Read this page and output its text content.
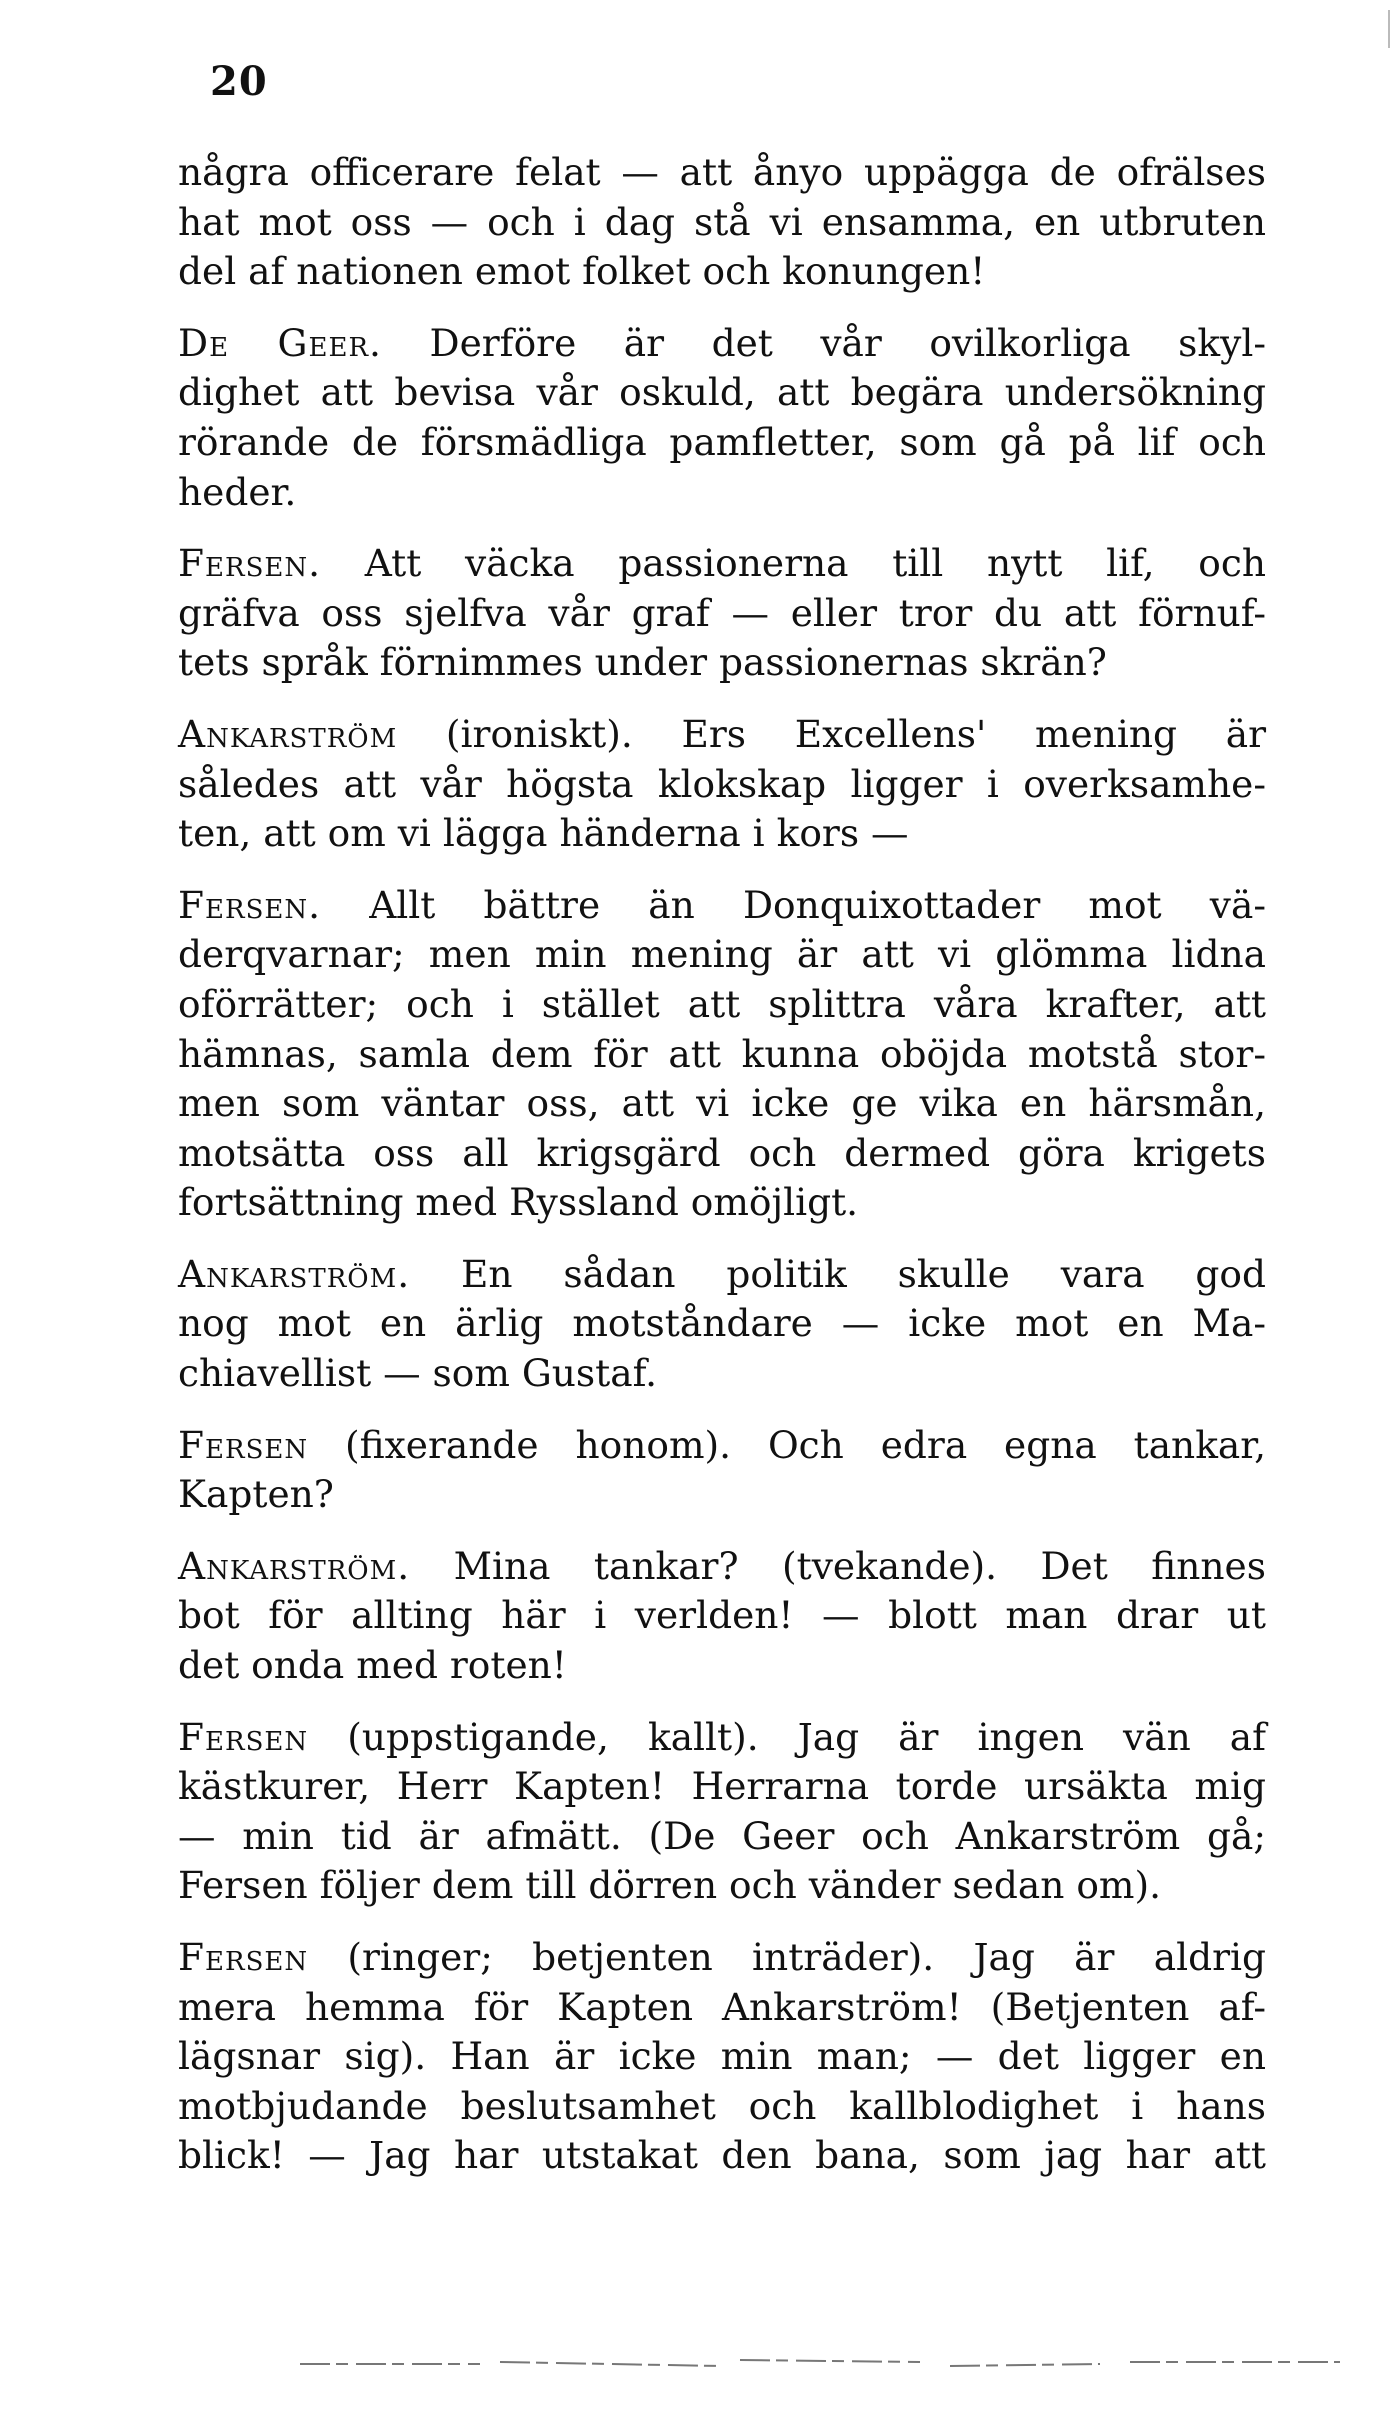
20
några officerare felat — att ånyo uppägga de ofrälses
hat mot oss — och i dag stå vi ensamma, en utbruten
del af nationen emot folket och konungen!
De Geer. Derföre är det vår ovilkorliga skyl-
dighet att bevisa vår oskuld, att begära undersökning
rörande de försmädliga pamfletter, som gå på lif och
heder.
Fersen. Att väcka passionerna till nytt lif, och
gräfva oss sjelfva vår graf — eller tror du att förnuf-
tets språk förnimmes under passionernas skrän?
Ankarström (ironiskt). Ers Excellens' mening är
således att vår högsta klokskap ligger i overksamhe-
ten, att om vi lägga händerna i kors —
Fersen. Allt bättre än Donquixottader mot vä-
derqvarnar; men min mening är att vi glömma lidna
oförrätter; och i stället att splittra våra krafter, att
hämnas, samla dem för att kunna oböjda motstå stor-
men som väntar oss, att vi icke ge vika en härsmån,
motsätta oss all krigsgärd och dermed göra krigets
fortsättning med Ryssland omöjligt.
Ankarström. En sådan politik skulle vara god
nog mot en ärlig motståndare — icke mot en Ma-
chiavellist — som Gustaf.
Fersen (fixerande honom). Och edra egna tankar,
Kapten?
Ankarström. Mina tankar? (tvekande). Det finnes
bot för allting här i verlden! — blott man drar ut
det onda med roten!
Fersen (uppstigande, kallt). Jag är ingen vän af
kästkurer, Herr Kapten! Herrarna torde ursäkta mig
— min tid är afmätt. (De Geer och Ankarström gå;
Fersen följer dem till dörren och vänder sedan om).
Fersen (ringer; betjenten inträder). Jag är aldrig
mera hemma för Kapten Ankarström! (Betjenten af-
lägsnar sig). Han är icke min man; — det ligger en
motbjudande beslutsamhet och kallblodighet i hans
blick! — Jag har utstakat den bana, som jag har att
